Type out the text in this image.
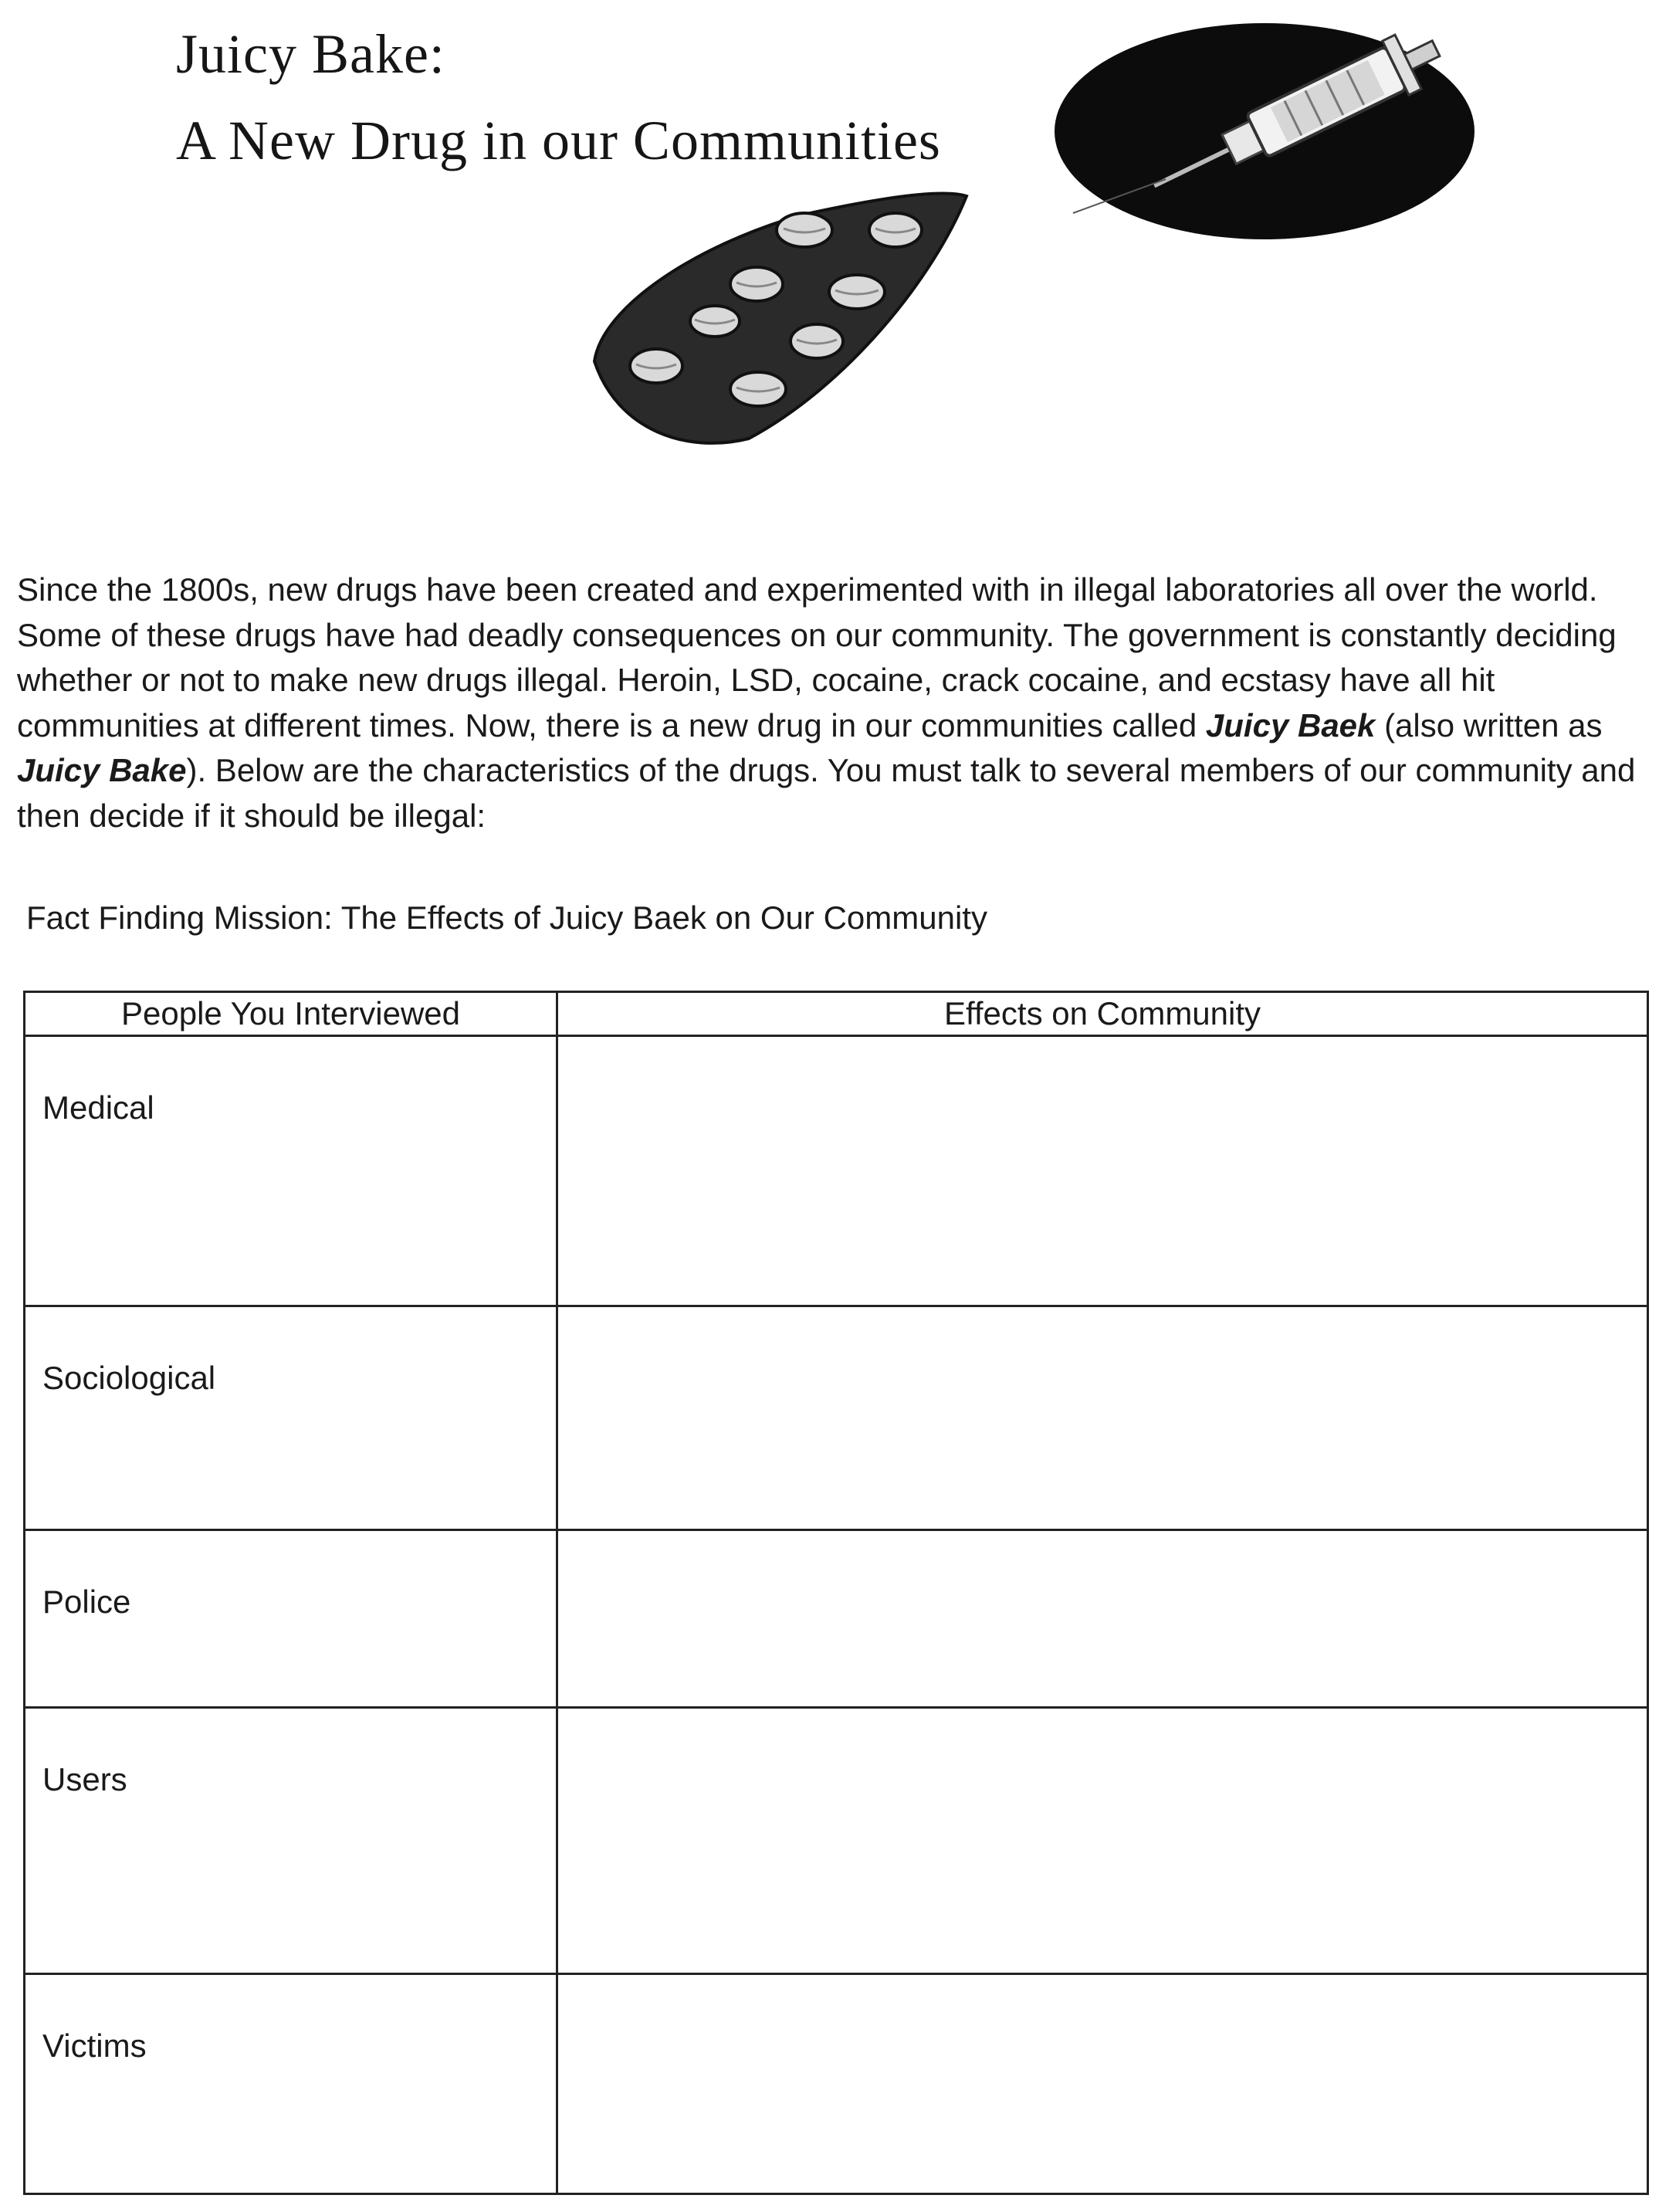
Juicy Bake:
A New Drug in our Communities

Since the 1800s, new drugs have been created and experimented with in illegal laboratories all over the world. Some of these drugs have had deadly consequences on our community. The government is constantly deciding whether or not to make new drugs illegal. Heroin, LSD, cocaine, crack cocaine, and ecstasy have all hit communities at different times. Now, there is a new drug in our communities called Juicy Baek (also written as Juicy Bake). Below are the characteristics of the drugs. You must talk to several members of our community and then decide if it should be illegal:

Fact Finding Mission: The Effects of Juicy Baek on Our Community
People You Interviewed	Effects on Community
Medical	
Sociological	
Police	
Users	
Victims	
